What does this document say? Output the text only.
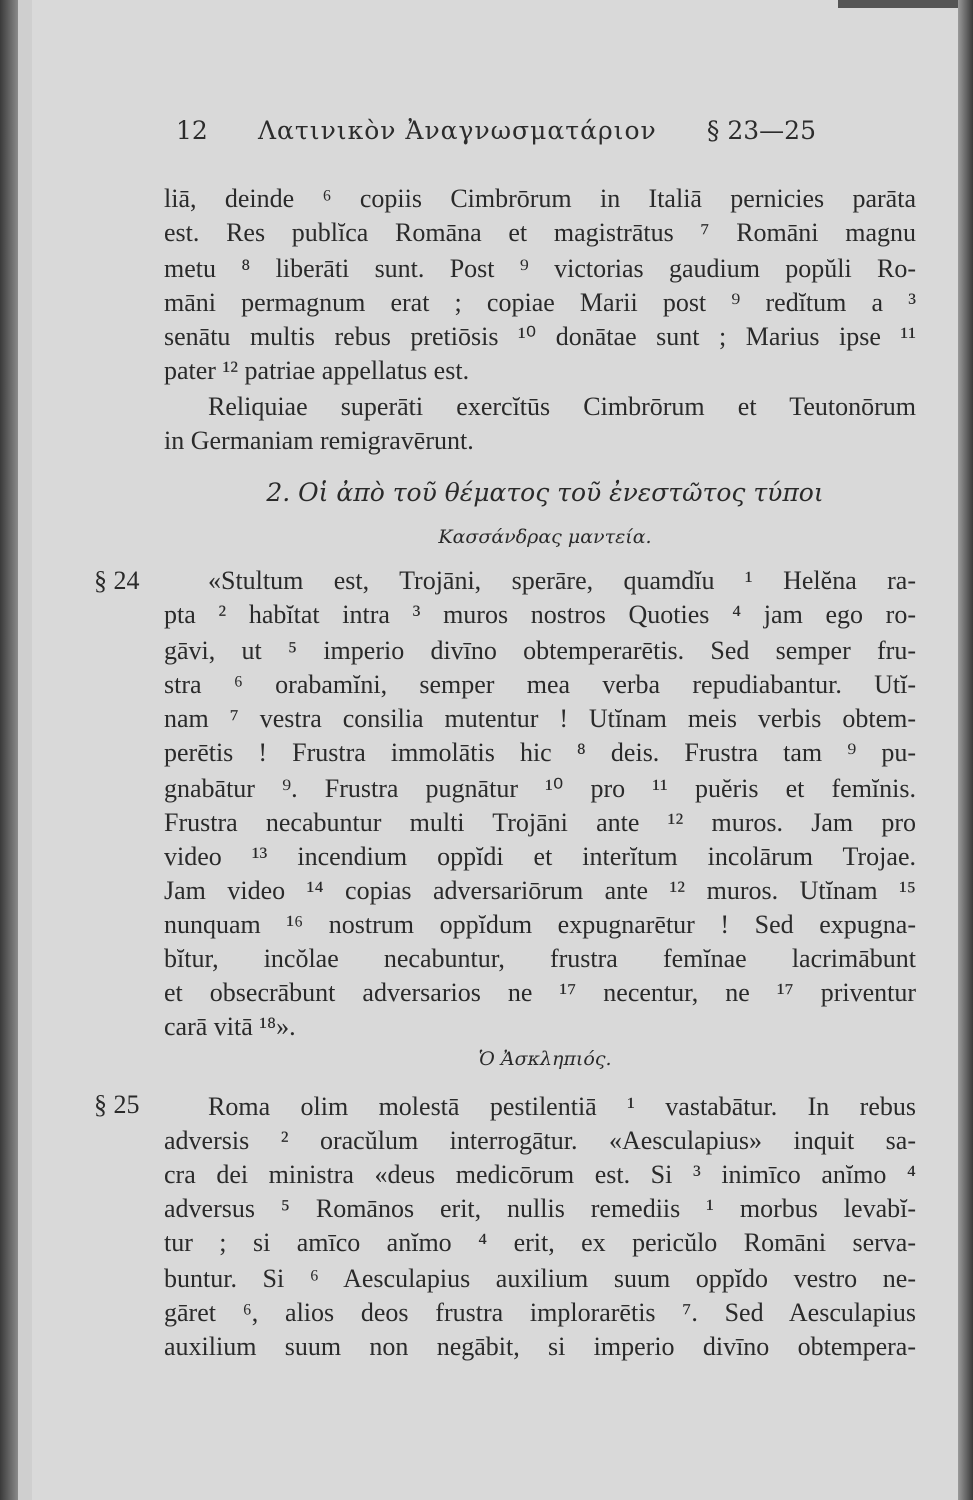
12 Λατινικὸν Ἀναγνωσματάριον § 23—25
liā, deinde ⁶ copiis Cimbrōrum in Italiā pernicies parāta
est. Res publĭca Romāna et magistrātus ⁷ Romāni magnu
metu ⁸ liberāti sunt. Post ⁹ victorias gaudium popŭli Ro-
māni permagnum erat ; copiae Marii post ⁹ redĭtum a ³
senātu multis rebus pretiōsis ¹⁰ donātae sunt ; Marius ipse ¹¹
pater ¹² patriae appellatus est.
Reliquiae superāti exercĭtūs Cimbrōrum et Teutonōrum
in Germaniam remigravērunt.
2. Οἱ ἀπὸ τοῦ θέματος τοῦ ἐνεστῶτος τύποι
Κασσάνδρας μαντεία.
§ 24	«Stultum est, Trojāni, sperāre, quamdĭu ¹ Helĕna ra-
pta ² habĭtat intra ³ muros nostros Quoties ⁴ jam ego ro-
gāvi, ut ⁵ imperio divīno obtemperarētis. Sed semper fru-
stra ⁶ orabamĭni, semper mea verba repudiabantur. Utĭ-
nam ⁷ vestra consilia mutentur ! Utĭnam meis verbis obtem-
perētis ! Frustra immolātis hic ⁸ deis. Frustra tam ⁹ pu-
gnabātur ⁹. Frustra pugnātur ¹⁰ pro ¹¹ puĕris et femĭnis.
Frustra necabuntur multi Trojāni ante ¹² muros. Jam pro
video ¹³ incendium oppĭdi et interĭtum incolārum Trojae.
Jam video ¹⁴ copias adversariōrum ante ¹² muros. Utĭnam ¹⁵
nunquam ¹⁶ nostrum oppĭdum expugnarētur ! Sed expugna-
bĭtur, incŏlae necabuntur, frustra femĭnae lacrimābunt
et obsecrābunt adversarios ne ¹⁷ necentur, ne ¹⁷ priventur
carā vitā ¹⁸».
Ὁ Ἀσκληπιός.
§ 25	Roma olim molestā pestilentiā ¹ vastabātur. In rebus
adversis ² oracŭlum interrogātur. «Aesculapius» inquit sa-
cra dei ministra «deus medicōrum est. Si ³ inimīco anĭmo ⁴
adversus ⁵ Romānos erit, nullis remediis ¹ morbus levabĭ-
tur ; si amīco anĭmo ⁴ erit, ex pericŭlo Romāni serva-
buntur. Si ⁶ Aesculapius auxilium suum oppĭdo vestro ne-
gāret ⁶, alios deos frustra implorarētis ⁷. Sed Aesculapius
auxilium suum non negābit, si imperio divīno obtempera-
